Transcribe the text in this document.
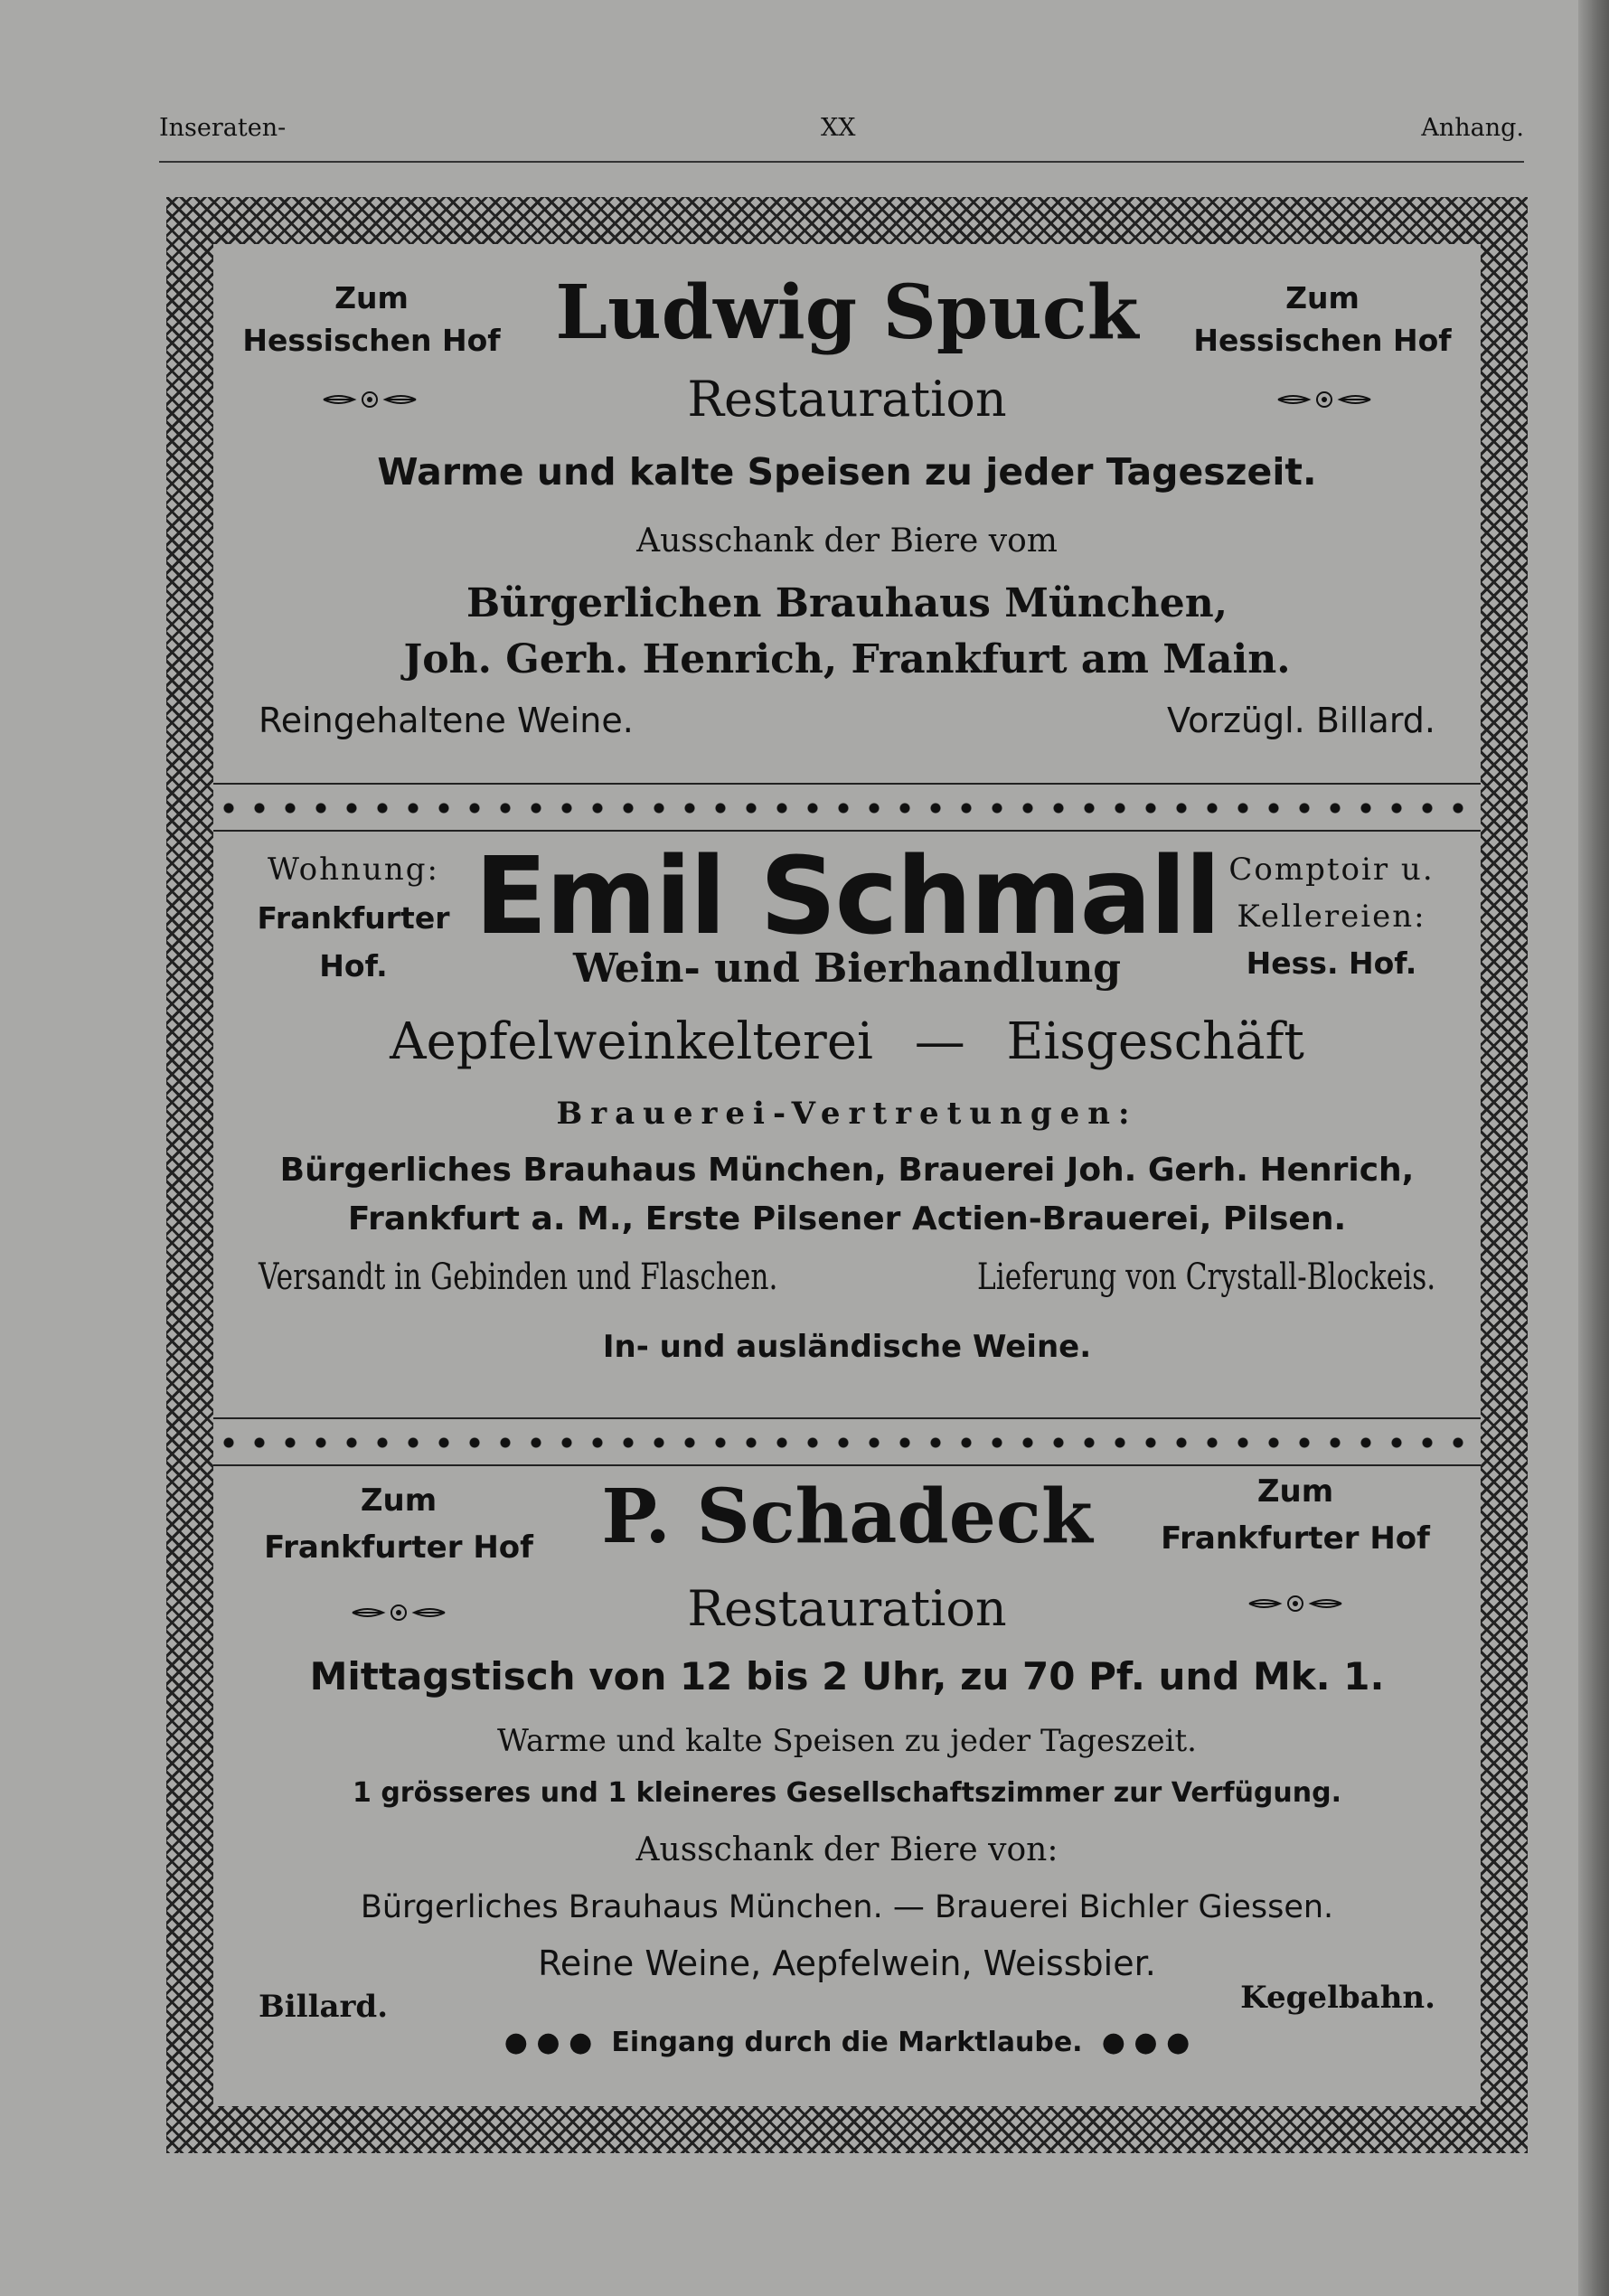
Inseraten-	XX	Anhang.
Zum
Hessischen Hof
Zum
Hessischen Hof
Ludwig Spuck
Restauration
Warme und kalte Speisen zu jeder Tageszeit.
Ausschank der Biere vom
Bürgerlichen Brauhaus München,
Joh. Gerh. Henrich, Frankfurt am Main.
Reingehaltene Weine.	Vorzügl. Billard.
Wohnung:
Frankfurter
Hof.
Comptoir u.
Kellereien:
Hess. Hof.
Emil Schmall
Wein- und Bierhandlung
Aepfelweinkelterei — Eisgeschäft
Brauerei-Vertretungen:
Bürgerliches Brauhaus München, Brauerei Joh. Gerh. Henrich,
Frankfurt a. M., Erste Pilsener Actien-Brauerei, Pilsen.
Versandt in Gebinden und Flaschen.	Lieferung von Crystall-Blockeis.
In- und ausländische Weine.
Zum
Frankfurter Hof
Zum
Frankfurter Hof
P. Schadeck
Restauration
Mittagstisch von 12 bis 2 Uhr, zu 70 Pf. und Mk. 1.
Warme und kalte Speisen zu jeder Tageszeit.
1 grösseres und 1 kleineres Gesellschaftszimmer zur Verfügung.
Ausschank der Biere von:
Bürgerliches Brauhaus München. — Brauerei Bichler Giessen.
Reine Weine, Aepfelwein, Weissbier.
Billard.	Kegelbahn.
● ● ● Eingang durch die Marktlaube. ● ● ●
